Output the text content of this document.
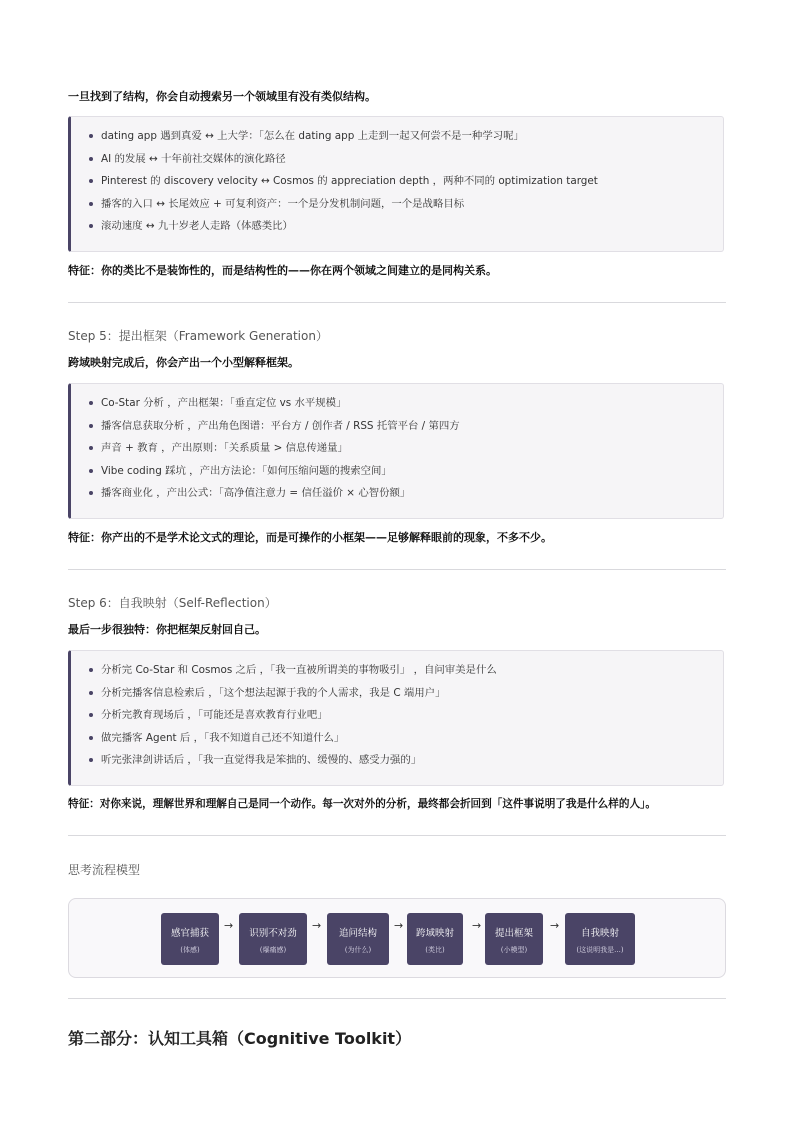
一旦找到了结构，你会自动搜索另一个领域里有没有类似结构。
dating app 遇到真爱 ↔ 上大学：「怎么在 dating app 上走到一起又何尝不是一种学习呢」
AI 的发展 ↔ 十年前社交媒体的演化路径
Pinterest 的 discovery velocity ↔ Cosmos 的 appreciation depth ，两种不同的 optimization target
播客的入口 ↔ 长尾效应 + 可复利资产：一个是分发机制问题，一个是战略目标
滚动速度 ↔ 九十岁老人走路（体感类比）
特征：你的类比不是装饰性的，而是结构性的——你在两个领域之间建立的是同构关系。
Step 5：提出框架（Framework Generation）
跨域映射完成后，你会产出一个小型解释框架。
Co-Star 分析 ，产出框架：「垂直定位 vs 水平规模」
播客信息获取分析 ，产出角色图谱：平台方 / 创作者 / RSS 托管平台 / 第四方
声音 + 教育 ，产出原则：「关系质量 > 信息传递量」
Vibe coding 踩坑 ，产出方法论：「如何压缩问题的搜索空间」
播客商业化 ，产出公式：「高净值注意力 = 信任溢价 × 心智份额」
特征：你产出的不是学术论文式的理论，而是可操作的小框架——足够解释眼前的现象，不多不少。
Step 6：自我映射（Self-Reflection）
最后一步很独特：你把框架反射回自己。
分析完 Co-Star 和 Cosmos 之后 ，「我一直被所谓美的事物吸引」 ，自问审美是什么
分析完播客信息检索后 ，「这个想法起源于我的个人需求，我是 C 端用户」
分析完教育现场后 ，「可能还是喜欢教育行业吧」
做完播客 Agent 后 ，「我不知道自己还不知道什么」
听完张津剑讲话后 ，「我一直觉得我是笨拙的、缓慢的、感受力强的」
特征：对你来说，理解世界和理解自己是同一个动作。每一次对外的分析，最终都会折回到「这件事说明了我是什么样的人」。
思考流程模型
感官捕获
(体感)
→
识别不对劲
(爆痛感)
→
追问结构
(为什么)
→
跨域映射
(类比)
→
提出框架
(小模型)
→
自我映射
(这说明我是...)
第二部分：认知工具箱（Cognitive Toolkit）
